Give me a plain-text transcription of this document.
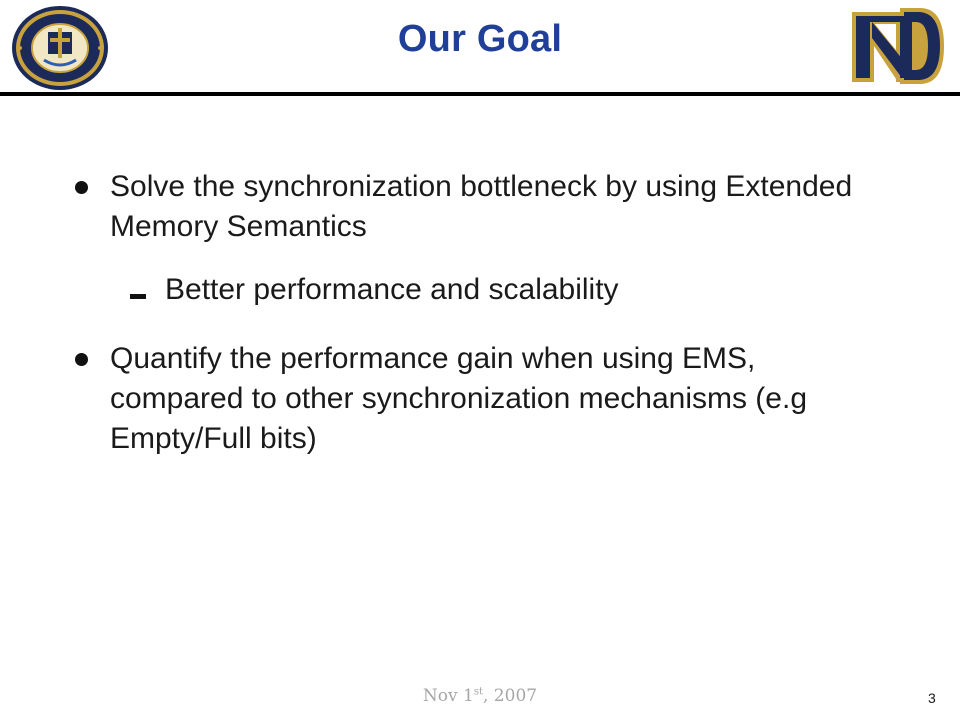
Our Goal
Solve the synchronization bottleneck by using Extended Memory Semantics
Better performance and scalability
Quantify the performance gain when using EMS, compared to other synchronization mechanisms (e.g Empty/Full bits)
Nov 1st, 2007	3
